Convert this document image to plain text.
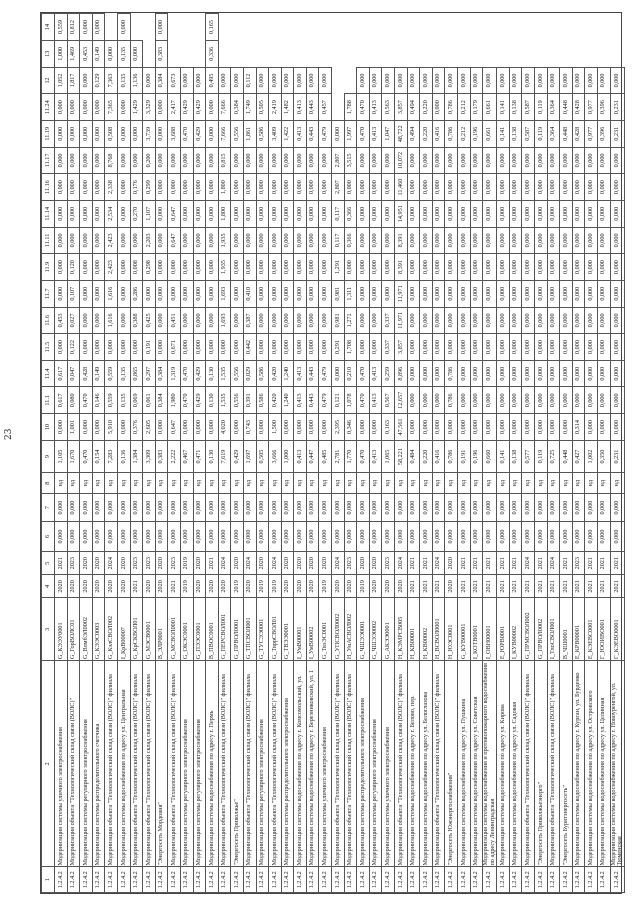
23
1	2	3	4	5	6	7	8	9	10	11.1	11.4	11.5	11.6	11.7	11.9	11.11	11.14	11.16	11.17	11.19	11.24	12	13	14
1.2.4.2	Модернизация системы уличного электроснабжения	G_КЭЭУ0001	2020	2021	0,000	0,000	нд	1,105	0,000	0,617	0,617	0,000	0,453	0,000	0,000	0,000	0,000	0,000	0,000	0,000	0,000	1,052	1,000	0,559
1.2.4.2	Модернизация объекта "Технологический склад связи (ВОЛС)"	G_ГорВОЛС01	2020	2023	0,000	0,000	нд	1,670	1,001	0,080	0,047	0,122	0,027	0,107	0,120	0,000	0,000	0,000	0,000	0,000	0,000	1,817	1,469	0,812
1.2.4.2	Модернизация системы регулярного электроснабжения	G_ВлмбЭЛ0002	2020	2020	0,000	0,000	нд	0,470	0,000	0,470	0,428	0,000	0,000	0,000	0,000	0,000	0,000	0,000	0,000	0,000	0,000	0,000	0,453	0,000
1.2.4.2	Модернизация системы распределительного счетчика	G_КЭЭС0003	2020	2020	0,000	0,000	нд	0,154	0,000	0,146	0,149	0,000	0,000	0,000	0,000	0,000	0,000	0,000	0,000	0,000	0,000	0,129	0,149	0,000
1.2.4.2	Модернизация объекта "Технологический склад связи (ВОЛС)" филиала	G_КэлСВОЛ002	2020	2024	0,000	0,000	нд	7,283	5,910	0,559	0,559	0,000	1,616	1,616	2,423	2,423	2,534	2,338	8,768	0,508	7,365	7,363	0,000	
1.2.4.2	Модернизация системы водоснабжения по адресу ул. Центральная	I_КрВ00007	2020	2020	0,000	0,000	нд	0,136	0,000	0,135	0,135	0,000	0,000	0,000	0,000	0,000	0,000	0,000	0,000	0,000	0,000	0,135	0,135	0,000
1.2.4.2	Модернизация объекта "Технологический склад связи (ВОЛС)" филиала	G_КрСКВОЛ01	2021	2023	0,000	0,000	нд	1,384	0,376	0,069	0,865	0,000	0,388	0,286	0,008	0,000	0,270	0,176	0,000	0,000	1,429	1,136	0,000	
1.2.4.2	Модернизация объекта "Технологический склад связи (ВОЛС)" филиала	G_МЭСВ0001	2020	2023	0,000	0,000	нд	3,309	2,605	0,061	0,297	0,191	0,425	0,000	0,298	2,203	1,107	0,299	0,200	3,739	3,329	0,000		
1.2.4.2	"Энергосеть Мордовия"	В_ЭЛР0001	2020	2020	0,000	0,000	нд	0,383	0,000	0,384	0,384	0,000	0,000	0,000	0,000	0,000	0,000	0,000	0,000	0,000	0,000	0,384	0,383	0,000
1.2.4.2	Модернизация объекта "Технологический склад связи (ВОЛС)" филиала	G_МСВОЛ0001	2021	2023	0,000	0,000	нд	2,222	0,647	1,980	1,319	0,671	0,451	0,000	0,000	0,647	0,647	0,000	0,000	3,688	2,417	0,673		
1.2.4.2	Модернизация системы регулярного электроснабжения	G_ОКЭС0001	2019	2019	0,000	0,000	нд	0,467	0,000	0,470	0,470	0,000	0,000	0,000	0,000	0,000	0,000	0,000	0,000	0,470	0,429	0,000		
1.2.4.2	Модернизация системы регулярного электроснабжения	G_ПЭЭС0001	2020	2020	0,000	0,000	нд	0,471	0,000	0,429	0,429	0,000	0,000	0,000	0,000	0,000	0,000	0,000	0,000	0,429	0,429	0,000		
1.2.4.2	Модернизация системы водоснабжения по адресу г. Пермь	В_ПВОС0001	2020	2021	0,000	0,000	нд	0,130	0,000	0,130	0,130	0,000	0,000	0,000	0,000	0,000	0,000	0,000	0,000	0,000	0,000	0,495	0,336	0,165
1.2.4.2	Модернизация объекта "Технологический склад связи (ВОЛС)" филиала	G_ПЕРСВОЛ001	2020	2024	0,000	0,000	нд	7,619	4,020	1,535	1,535	0,000	1,693	1,693	1,935	1,935	1,800	1,800	0,815	7,666	7,666	0,000		
1.2.4.2	"Энергосеть Приволжье"	G_ПРВОЛ0001	2019	2020	0,000	0,000	нд	0,429	0,000	0,556	0,556	0,000	0,000	0,000	0,000	0,000	0,000	0,000	0,000	0,556	0,384	0,000		
1.2.4.2	Модернизация объекта "Технологический склад связи (ВОЛС)" филиала	G_ТПСВОЛ001	2020	2024	0,000	0,000	нд	1,697	0,743	0,391	0,029	0,442	0,387	0,410	0,000	0,000	0,000	0,000	0,000	1,861	1,749	0,112		
1.2.4.2	Модернизация системы регулярного электроснабжения	G_ТУСЭЭ0001	2019	2020	0,000	0,000	нд	0,505	0,000	0,586	0,586	0,000	0,000	0,000	0,000	0,000	0,000	0,000	0,000	0,586	0,505	0,000		
1.2.4.2	Модернизация объекта "Технологический склад связи (ВОЛС)" филиала	G_ТвррСВОЛ01	2019	2024	0,000	0,000	нд	3,666	1,500	0,420	0,420	0,000	0,000	0,000	0,000	0,000	0,000	0,000	0,000	3,409	2,419	0,000		
1.2.4.2	Модернизация системы распределительного электроснабжения	G_ТВЭЭ0001	2020	2020	0,000	0,000	нд	1,000	0,000	1,240	1,240	0,000	0,000	0,000	0,000	0,000	0,000	0,000	0,000	1,422	1,482	0,000		
1.2.4.2	Модернизация системы водоснабжения по адресу г. Комсомольский, ул.	I_УмВ00001	2020	2020	0,000	0,000	нд	0,413	0,000	0,413	0,413	0,000	0,000	0,000	0,000	0,000	0,000	0,000	0,000	0,413	0,413	0,000		
1.2.4.2	Модернизация системы водоснабжения по адресу г. Березниковский, ул. 1	I_УмВ00002	2020	2020	0,000	0,000	нд	0,447	0,000	0,443	0,443	0,000	0,000	0,000	0,000	0,000	0,000	0,000	0,000	0,443	0,443	0,000		
1.2.4.2	Модернизация системы уличного электроснабжения	G_ТвэЭС0001	2019	2020	0,000	0,000	нд	0,485	0,000	0,479	0,479	0,000	0,000	0,000	0,000	0,000	0,000	0,000	0,000	0,479	0,457	0,000		
1.2.4.2	Модернизация объекта "Технологический склад связи (ВОЛС)" филиала	G_УПСВОЛ0002	2020	2024	0,000	0,000	нд	2,781	2,395	0,121	0,000	0,291	0,981	0,981	1,291	0,117	0,117	2,807	2,807	0,000				
1.2.4.2	Модернизация объекта "Технологический склад связи (ВОЛС)" филиала	Н_УмАСВОЛ002	2020	2023	0,000	0,000	нд	1,770	0,346	1,078	0,210	1,708	1,271	1,311	0,000	0,366	0,366	0,000	3,515	1,997	1,788			
1.2.4.2	Модернизация системы распределительного электроснабжения	G_ЧШЭЭ0001	2019	2020	0,000	0,000	нд	0,470	0,000	0,470	0,470	0,000	0,000	0,000	0,000	0,000	0,000	0,000	0,000	0,470	0,470	0,000		
1.2.4.2	Модернизация системы регулярного электроснабжения	G_ЧШЭЭ0002	2020	2020	0,000	0,000	нд	0,413	0,000	0,413	0,413	0,000	0,000	0,000	0,000	0,000	0,000	0,000	0,000	0,413	0,413	0,000		
1.2.4.2	Модернизация системы уличного электроснабжения	G_АКЭЭ0001	2020	2023	0,000	0,000	нд	1,065	0,163	0,567	0,259	0,337	0,337	0,000	0,000	0,000	0,000	0,000	0,000	1,047	0,563	0,000		
1.2.4.2	Модернизация объекта "Технологический склад связи (ВОЛС)" филиала	Н_КЭМРСВ005	2020	2024	0,000	0,000	нд	58,221	47,561	12,657	8,896	3,857	11,971	11,971	8,391	8,391	14,951	11,460	10,072	48,722	3,857	0,000		
1.2.4.2	Модернизация системы водоснабжения по адресу г. Белово, пер.	Н_КВ00001	2021	2021	0,000	0,000	нд	0,484	0,000	0,000	0,000	0,000	0,000	0,000	0,000	0,000	0,000	0,000	0,000	0,494	0,494	0,000		
1.2.4.2	Модернизация системы водоснабжения по адресу ул. Белоглазова	Н_КВ00002	2021	2021	0,000	0,000	нд	0,220	0,000	0,000	0,000	0,000	0,000	0,000	0,000	0,000	0,000	0,000	0,000	0,220	0,220	0,000		
1.2.4.2	Модернизация объекта "Технологический склад связи (ВОЛС)" филиала	Н_ВСВОЛ0001	2021	2024	0,000	0,000	нд	0,416	0,000	0,000	0,000	0,000	0,000	0,000	0,000	0,000	0,000	0,000	0,000	0,416	0,000	0,000		
1.2.4.2	"Энергосеть Южэнергоснабжения"	Н_ЮЭС0001	2020	2020	0,000	0,000	нд	0,786	0,000	0,786	0,786	0,000	0,000	0,000	0,000	0,000	0,000	0,000	0,000	0,786	0,786	0,000		
1.2.4.2	Модернизация системы водоснабжения по адресу ул. Пушкина	G_КУВ00001	2021	2021	0,000	0,000	нд	0,191	0,000	0,000	0,000	0,000	0,000	0,000	0,000	0,000	0,000	0,000	0,000	0,212	0,212	0,000		
1.2.4.2	Модернизация системы водоснабжения по адресу ул. Советская	I_КОТВ0001	2021	2021	0,000	0,000	нд	0,196	0,000	0,000	0,000	0,000	0,000	0,000	0,000	0,000	0,000	0,000	0,000	0,196	0,179	0,000		
1.2.4.2	Модернизация системы водоснабжения и противопожарного водоснабжения по адресу Ленинградская	I_ОВН00001	2021	2021	0,000	0,000	нд	0,660	0,000	0,000	0,000	0,000	0,000	0,000	0,000	0,000	0,000	0,000	0,000	0,661	0,661	0,000		
1.2.4.2	Модернизация системы водоснабжения по адресу ул. Кирова	Е_ЮРВ0001	2021	2021	0,000	0,000	нд	0,141	0,000	0,000	0,000	0,000	0,000	0,000	0,000	0,000	0,000	0,000	0,000	0,141	0,141	0,000		
1.2.4.2	Модернизация системы водоснабжения по адресу ул. Садовая	I_КУВ00002	2021	2021	0,000	0,000	нд	0,138	0,000	0,000	0,000	0,000	0,000	0,000	0,000	0,000	0,000	0,000	0,000	0,138	0,138	0,000		
1.2.4.2	Модернизация объекта "Технологический склад связи (ВОЛС)" филиала	G_ПРМСВОЛ002	2021	2024	0,000	0,000	нд	0,577	0,000	0,000	0,000	0,000	0,000	0,000	0,000	0,000	0,000	0,000	0,000	0,587	0,587	0,000		
1.2.4.2	"Энергосеть Приволжьеэнерго"	G_ПРВОЛ0002	2021	2021	0,000	0,000	нд	0,119	0,000	0,000	0,000	0,000	0,000	0,000	0,000	0,000	0,000	0,000	0,000	0,119	0,119	0,000		
1.2.4.2	Модернизация объекта "Технологический склад связи (ВОЛС)" филиала	I_ТлоСВОЛ001	2021	2024	0,000	0,000	нд	0,725	0,000	0,000	0,000	0,000	0,000	0,000	0,000	0,000	0,000	0,000	0,000	0,364	0,364	0,000		
1.2.4.2	"Энергосеть Бурятэнергосеть"	В_ЧШ0001	2021	2021	0,000	0,000	нд	0,448	0,000	0,000	0,000	0,000	0,000	0,000	0,000	0,000	0,000	0,000	0,000	0,448	0,448	0,000		
1.2.4.2	Модернизация системы водоснабжения по адресу г. Курган, ул. Бурденко	Е_КРВ00001	2021	2023	0,000	0,000	нд	0,427	0,314	0,000	0,000	0,000	0,000	0,000	0,000	0,000	0,000	0,000	0,000	0,428	0,428	0,000		
1.2.4.2	Модернизация системы водоснабжения по адресу ул. Островского	Е_КЭЕВС0001	2021	2021	0,000	0,000	нд	1,002	0,000	0,000	0,000	0,000	0,000	0,000	0,000	0,000	0,000	0,000	0,000	0,977	0,977	0,000		
1.2.4.2	Модернизация системы водоснабжения по адресу ул. Целинная	Г_ЮОИВО001	2021	2021	0,000	0,000	нд	0,350	0,000	0,000	0,000	0,000	0,000	0,000	0,000	0,000	0,000	0,000	0,000	0,396	0,396	0,000		
1.2.4.2	Модернизация системы водоснабжения по адресу г. Новоуренгой, ул. Тюменская	Г_КЭЕВО0001	2021	2021	0,000	0,000	нд	0,231	0,000	0,000	0,000	0,000	0,000	0,000	0,000	0,000	0,000	0,000	0,000	0,231	0,231	0,000		
